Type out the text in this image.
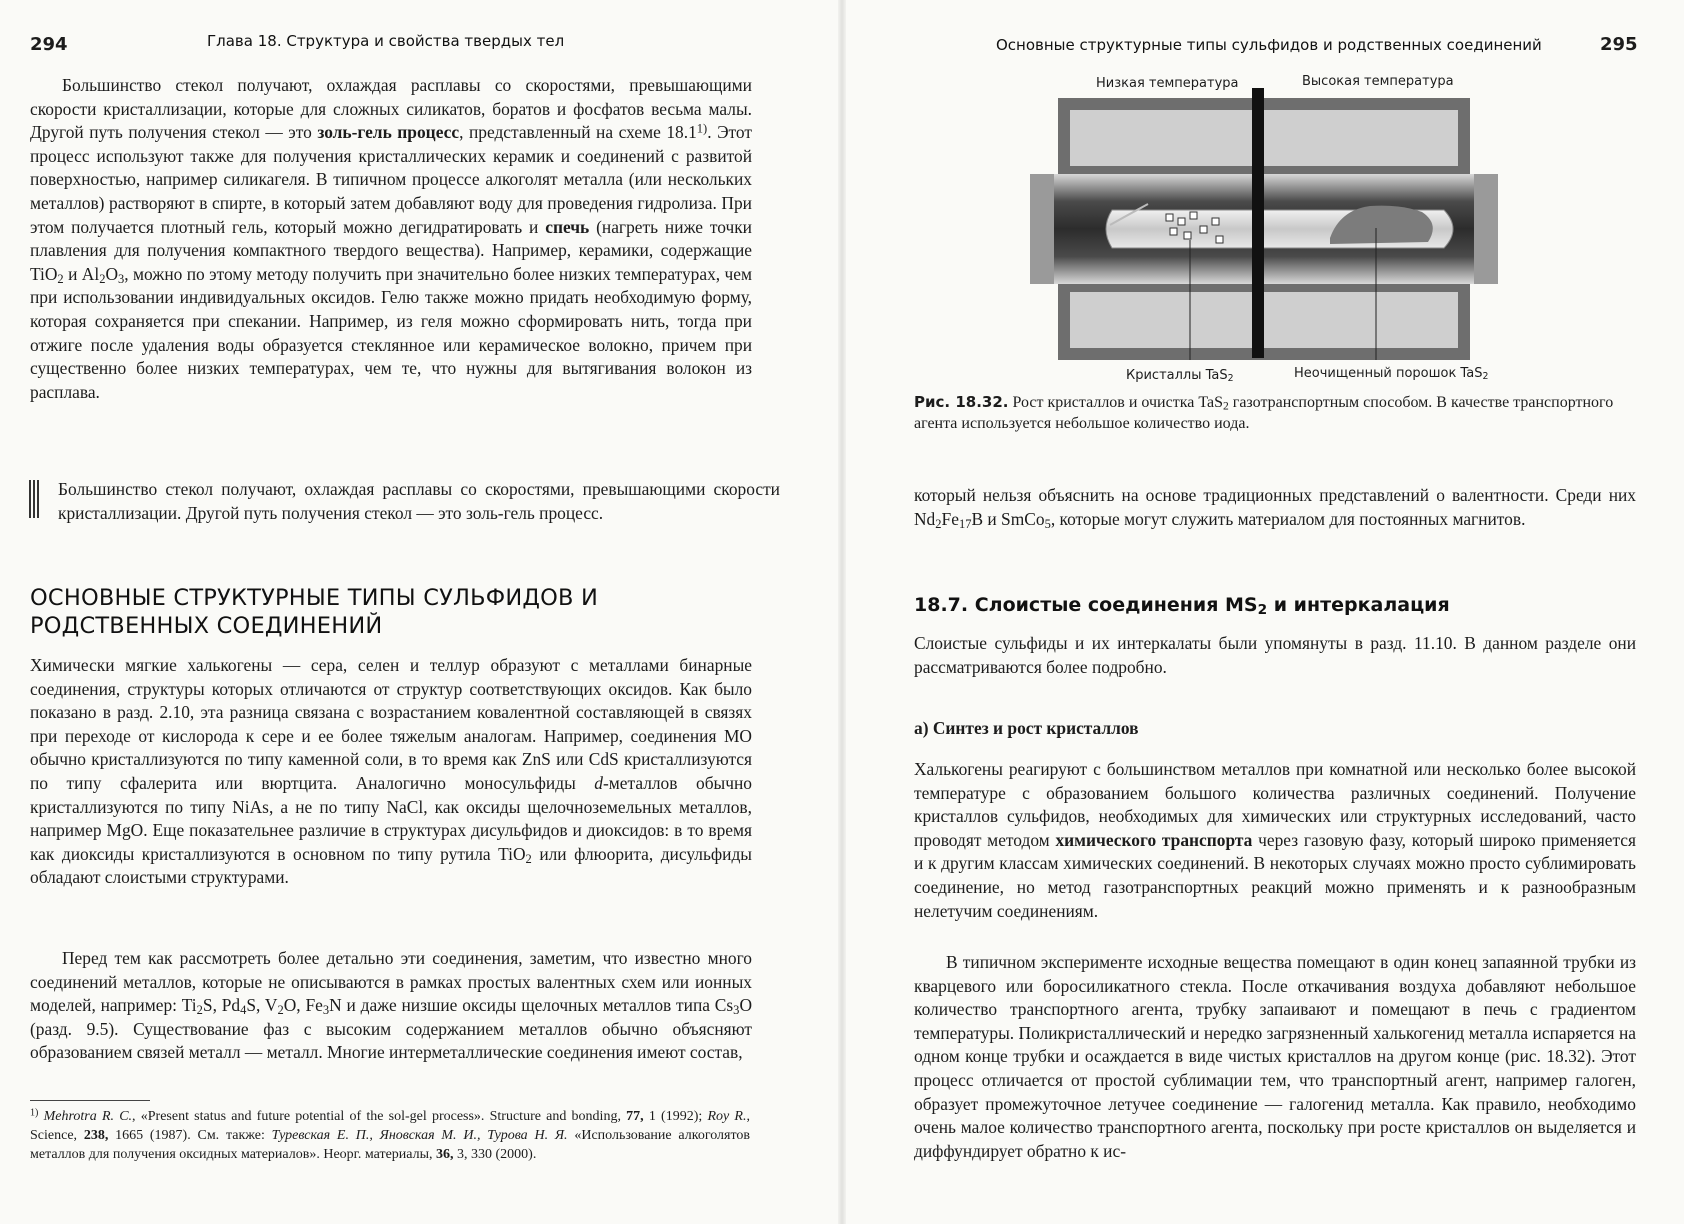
294	Глава 18. Структура и свойства твердых тел

Большинство стекол получают, охлаждая расплавы со скоростями, превышающими скорости кристаллизации, которые для сложных силикатов, боратов и фосфатов весьма малы. Другой путь получения стекол — это золь-гель процесс, представленный на схеме 18.1$^{1)}$. Этот процесс используют также для получения кристаллических керамик и соединений с развитой поверхностью, например силикагеля. В типичном процессе алкоголят металла (или нескольких металлов) растворяют в спирте, в который затем добавляют воду для проведения гидролиза. При этом получается плотный гель, который можно дегидратировать и спечь (нагреть ниже точки плавления для получения компактного твердого вещества). Например, керамики, содержащие TiO$_2$ и $Al_2O_3$, можно по этому методу получить при значительно более низких температурах, чем при использовании индивидуальных оксидов. Гелю также можно придать необходимую форму, которая сохраняется при спекании. Например, из геля можно сформировать нить, тогда при отжиге после удаления воды образуется стеклянное или керамическое волокно, причем при существенно более низких температурах, чем те, что нужны для вытягивания волокон из расплава.

Большинство стекол получают, охлаждая расплавы со скоростями, превышающими скорости кристаллизации. Другой путь получения стекол — это золь-гель процесс.

ОСНОВНЫЕ СТРУКТУРНЫЕ ТИПЫ СУЛЬФИДОВ И
РОДСТВЕННЫХ СОЕДИНЕНИЙ

Химически мягкие халькогены — сера, селен и теллур образуют с металлами бинарные соединения, структуры которых отличаются от структур соответствующих оксидов. Как было показано в разд. 2.10, эта разница связана с возрастанием ковалентной составляющей в связях при переходе от кислорода к сере и ее более тяжелым аналогам. Например, соединения MO обычно кристаллизуются по типу каменной соли, в то время как ZnS или CdS кристаллизуются по типу сфалерита или вюртцита. Аналогично моносульфиды d-металлов обычно кристаллизуются по типу NiAs, а не по типу NaCl, как оксиды щелочноземельных металлов, например MgO. Еще показательнее различие в структурах дисульфидов и диоксидов: в то время как диоксиды кристаллизуются в основном по типу рутила TiO$_2$ или флюорита, дисульфиды обладают слоистыми структурами.

Перед тем как рассмотреть более детально эти соединения, заметим, что известно много соединений металлов, которые не описываются в рамках простых валентных схем или ионных моделей, например: $Ti_2S$, $Pd_4S$, $V_2O$, $Fe_3N$ и даже низшие оксиды щелочных металлов типа $Cs_3O$ (разд. 9.5). Существование фаз с высоким содержанием металлов обычно объясняют образованием связей металл — металл. Многие интерметаллические соединения имеют состав,

$^{1)}$ Mehrotra R. C., «Present status and future potential of the sol-gel process». Structure and bonding, 77, 1 (1992); Roy R., Science, 238, 1665 (1987). См. также: Туревская Е. П., Яновская М. И., Турова Н. Я. «Использование алкоголятов металлов для получения оксидных материалов». Неорг. материалы, 36, 3, 330 (2000).

Основные структурные типы сульфидов и родственных соединений	295
Низкая температура	Высокая температура
Кристаллы TaS$_2$	Неочищенный порошок TaS$_2$

Рис. 18.32. Рост кристаллов и очистка TaS$_2$ газотранспортным способом. В качестве транспортного агента используется небольшое количество иода.

который нельзя объяснить на основе традиционных представлений о валентности. Среди них $Nd_2Fe_{17}B$ и SmCo$_5$, которые могут служить материалом для постоянных магнитов.

18.7. Слоистые соединения $MS_2$ и интеркалация

Слоистые сульфиды и их интеркалаты были упомянуты в разд. 11.10. В данном разделе они рассматриваются более подробно.

а) Синтез и рост кристаллов

Халькогены реагируют с большинством металлов при комнатной или несколько более высокой температуре с образованием большого количества различных соединений. Получение кристаллов сульфидов, необходимых для химических или структурных исследований, часто проводят методом химического транспорта через газовую фазу, который широко применяется и к другим классам химических соединений. В некоторых случаях можно просто сублимировать соединение, но метод газотранспортных реакций можно применять и к разнообразным нелетучим соединениям.

В типичном эксперименте исходные вещества помещают в один конец запаянной трубки из кварцевого или боросиликатного стекла. После откачивания воздуха добавляют небольшое количество транспортного агента, трубку запаивают и помещают в печь с градиентом температуры. Поликристаллический и нередко загрязненный халькогенид металла испаряется на одном конце трубки и осаждается в виде чистых кристаллов на другом конце (рис. 18.32). Этот процесс отличается от простой сублимации тем, что транспортный агент, например галоген, образует промежуточное летучее соединение — галогенид металла. Как правило, необходимо очень малое количество транспортного агента, поскольку при росте кристаллов он выделяется и диффундирует обратно к ис-
